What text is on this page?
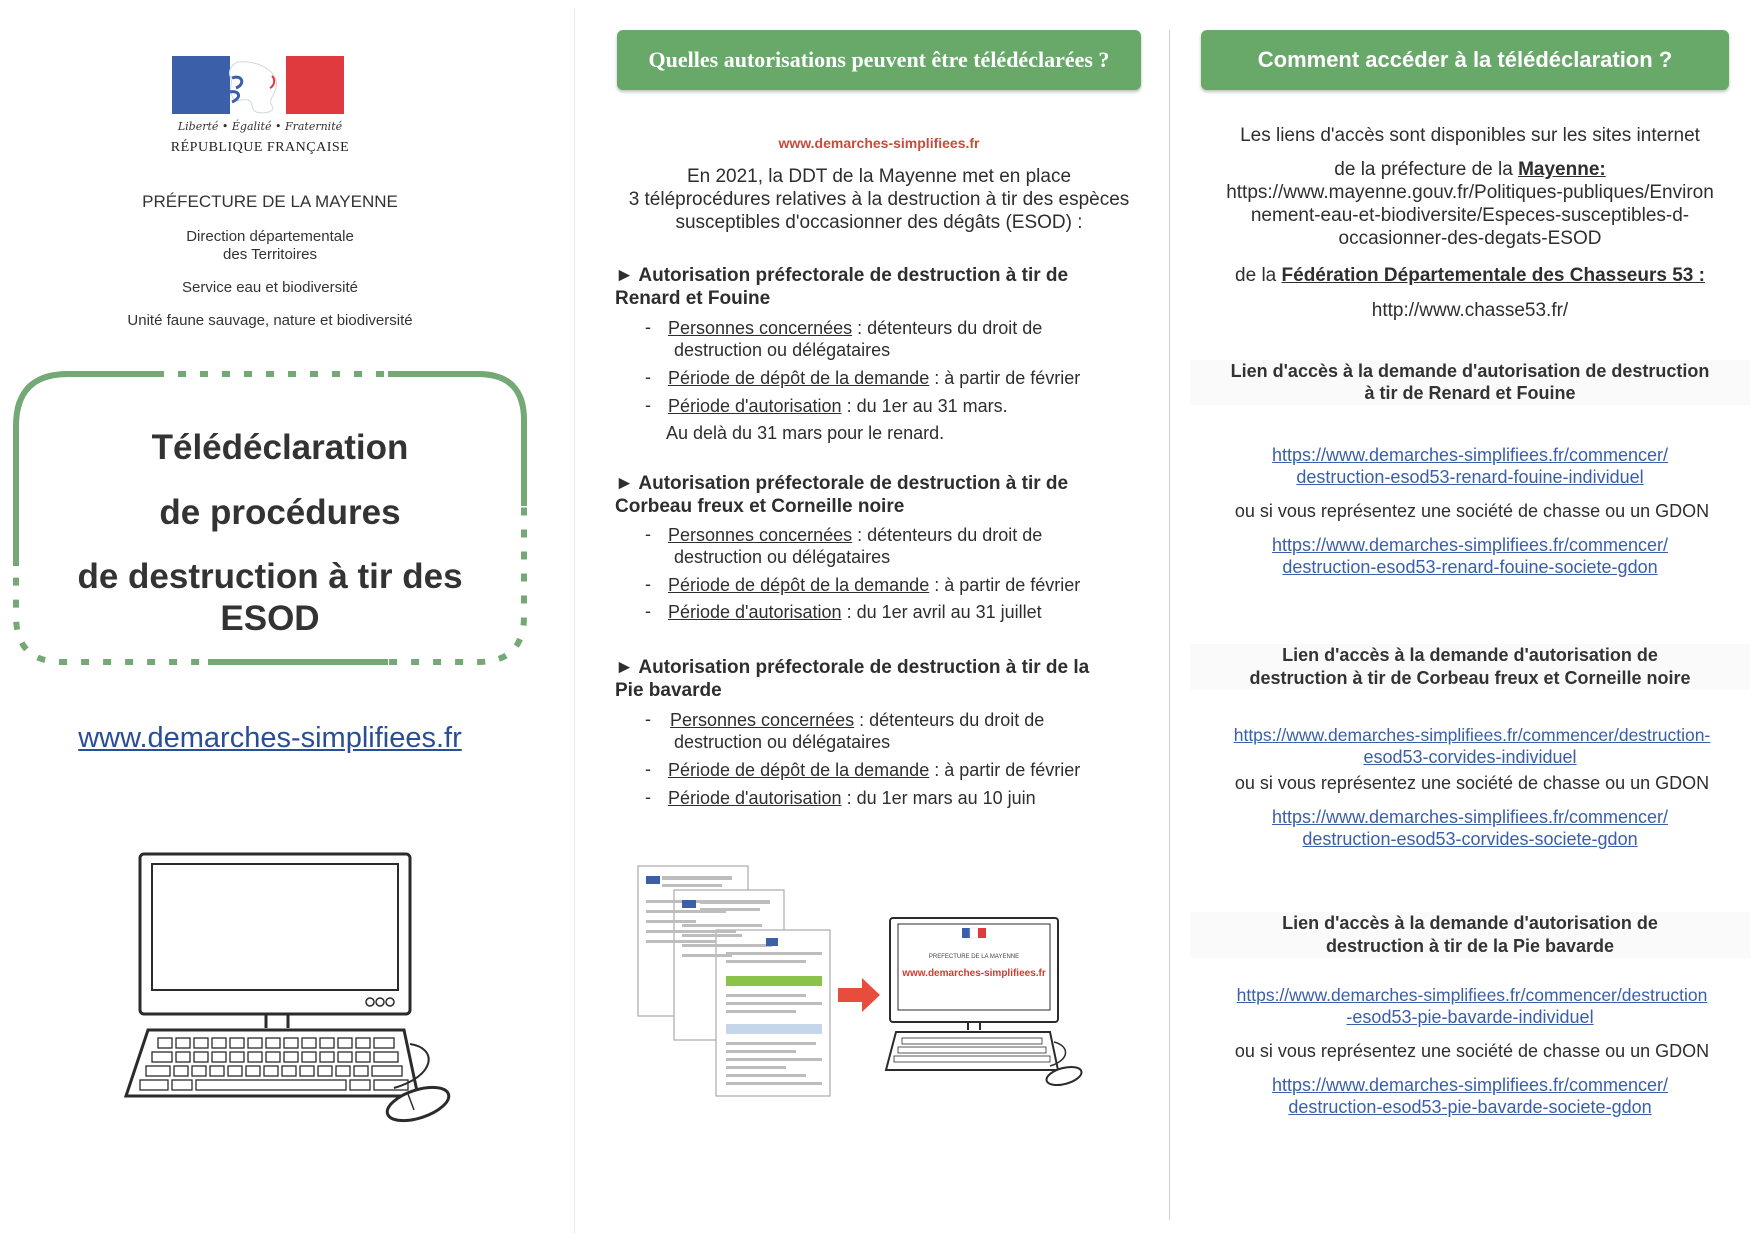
Liberté • Égalité • Fraternité
RÉPUBLIQUE FRANÇAISE
PRÉFECTURE DE LA MAYENNE
Direction départementale
des Territoires
Service eau et biodiversité
Unité faune sauvage, nature et biodiversité
Télédéclaration
de procédures
de destruction à tir des
ESOD
www.demarches-simplifiees.fr
Quelles autorisations peuvent être télédéclarées ?
www.demarches-simplifiees.fr
En 2021, la DDT de la Mayenne met en place
3 téléprocédures relatives à la destruction à tir des espèces
susceptibles d'occasionner des dégâts (ESOD) :
► Autorisation préfectorale de destruction à tir de
Renard et Fouine
- Personnes concernées : détenteurs du droit de
destruction ou délégataires
- Période de dépôt de la demande : à partir de février
- Période d'autorisation : du 1er au 31 mars.
Au delà du 31 mars pour le renard.
► Autorisation préfectorale de destruction à tir de
Corbeau freux et Corneille noire
- Personnes concernées : détenteurs du droit de
destruction ou délégataires
- Période de dépôt de la demande : à partir de février
- Période d'autorisation : du 1er avril au 31 juillet
► Autorisation préfectorale de destruction à tir de la
Pie bavarde
- Personnes concernées : détenteurs du droit de
destruction ou délégataires
- Période de dépôt de la demande : à partir de février
- Période d'autorisation : du 1er mars au 10 juin
PREFECTURE DE LA MAYENNE
www.demarches-simplifiees.fr
Comment accéder à la télédéclaration ?
Les liens d'accès sont disponibles sur les sites internet
de la préfecture de la Mayenne:
https://www.mayenne.gouv.fr/Politiques-publiques/Environ
nement-eau-et-biodiversite/Especes-susceptibles-d-
occasionner-des-degats-ESOD
de la Fédération Départementale des Chasseurs 53 :
http://www.chasse53.fr/
Lien d'accès à la demande d'autorisation de destruction
à tir de Renard et Fouine
https://www.demarches-simplifiees.fr/commencer/
destruction-esod53-renard-fouine-individuel
ou si vous représentez une société de chasse ou un GDON
https://www.demarches-simplifiees.fr/commencer/
destruction-esod53-renard-fouine-societe-gdon
Lien d'accès à la demande d'autorisation de
destruction à tir de Corbeau freux et Corneille noire
https://www.demarches-simplifiees.fr/commencer/destruction-
esod53-corvides-individuel
ou si vous représentez une société de chasse ou un GDON
https://www.demarches-simplifiees.fr/commencer/
destruction-esod53-corvides-societe-gdon
Lien d'accès à la demande d'autorisation de
destruction à tir de la Pie bavarde
https://www.demarches-simplifiees.fr/commencer/destruction
-esod53-pie-bavarde-individuel
ou si vous représentez une société de chasse ou un GDON
https://www.demarches-simplifiees.fr/commencer/
destruction-esod53-pie-bavarde-societe-gdon
